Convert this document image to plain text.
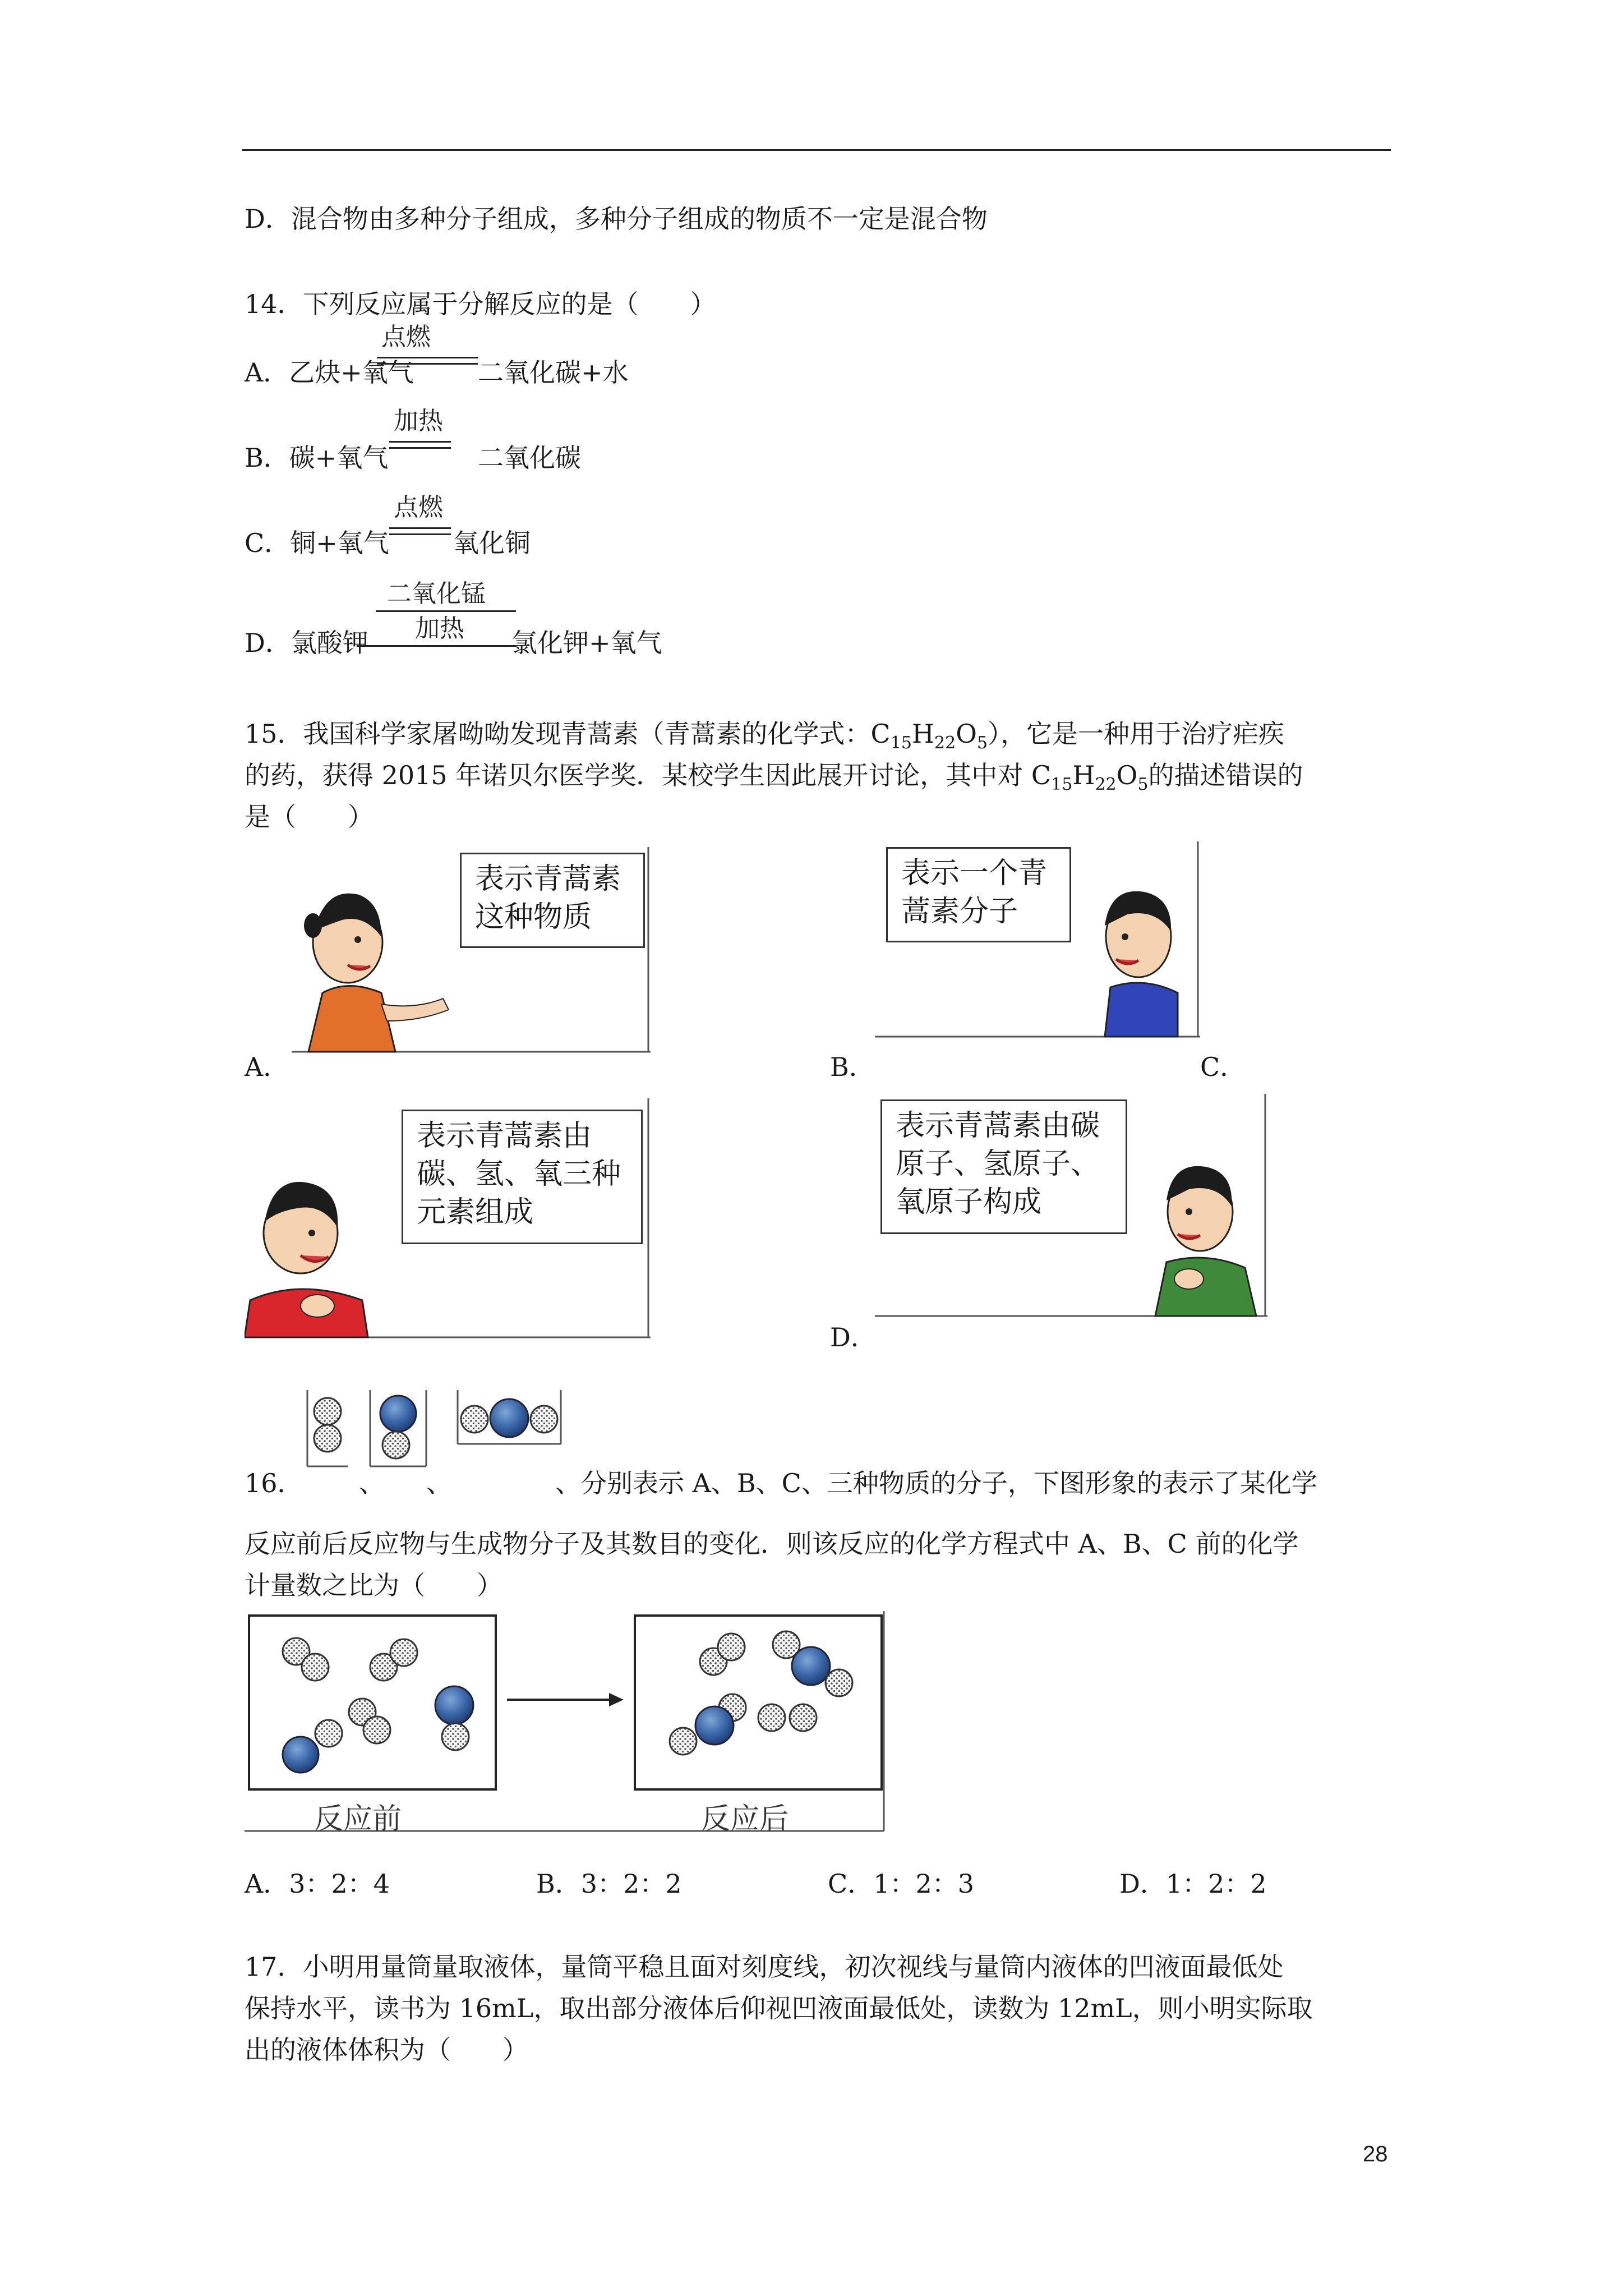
D．混合物由多种分子组成，多种分子组成的物质不一定是混合物
14．下列反应属于分解反应的是（　　）
A．乙炔+氧气
点燃
二氧化碳+水
B．碳+氧气
加热
二氧化碳
C．铜+氧气
点燃
氧化铜
D．氯酸钾
二氧化锰
加热 氯化钾+氧气
15．我国科学家屠呦呦发现青蒿素（青蒿素的化学式：$C_{15}H_{22}O_5$），它是一种用于治疗疟疾
的药，获得 2015 年诺贝尔医学奖．某校学生因此展开讨论，其中对 $C_{15}H_{22}O_5$的描述错误的
是（　　）
表示青蒿素
这种物质
A．
表示一个青
蒿素分子
B．	C．
表示青蒿素由
碳、氢、氧三种
元素组成
表示青蒿素由碳
原子、氢原子、
氧原子构成
D．
16． 、 、	、分别表示 A、B、C、三种物质的分子，下图形象的表示了某化学
反应前后反应物与生成物分子及其数目的变化．则该反应的化学方程式中 A、B、C 前的化学
计量数之比为（　　）
反应前	反应后
A．3：2：4	B．3：2：2	C．1：2：3	D．1：2：2
17．小明用量筒量取液体，量筒平稳且面对刻度线，初次视线与量筒内液体的凹液面最低处
保持水平，读书为 16mL，取出部分液体后仰视凹液面最低处，读数为 12mL，则小明实际取
出的液体体积为（　　）
28
